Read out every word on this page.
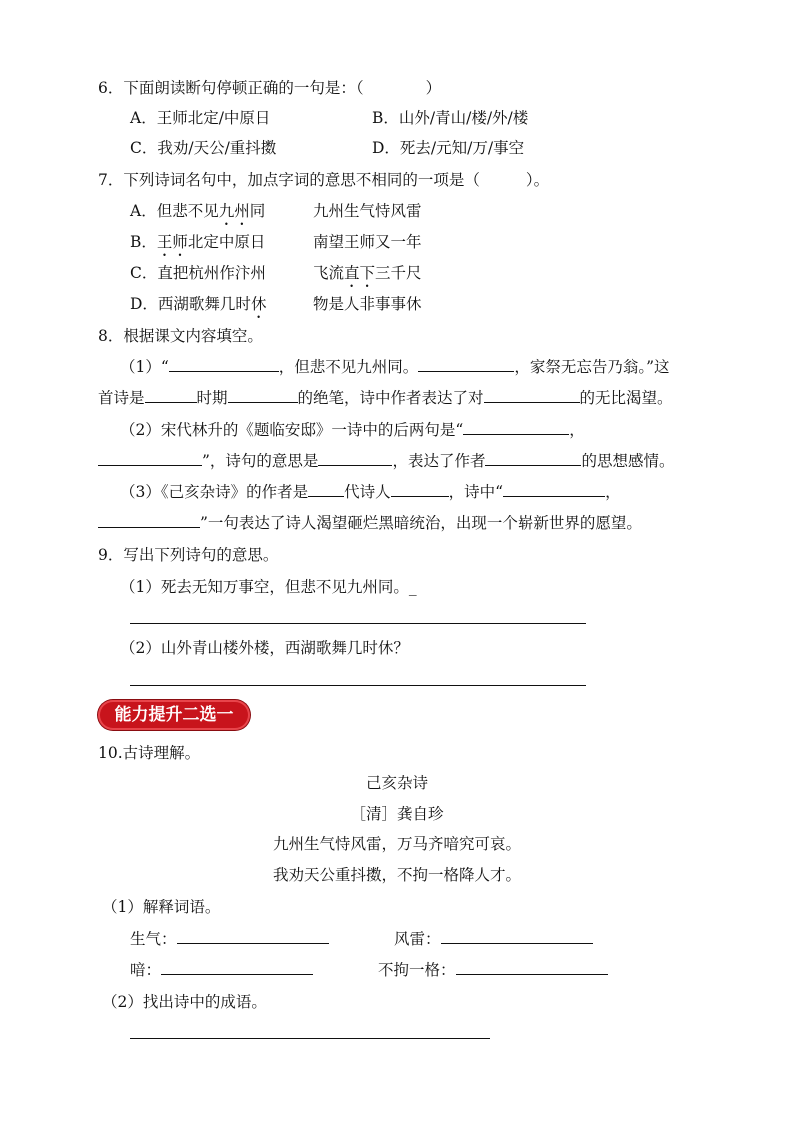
6．下面朗读断句停顿正确的一句是：（	）
A．王师北定/中原日	B．山外/青山/楼/外/楼
C．我劝/天公/重抖擞	D．死去/元知/万/事空
7．下列诗词名句中，加点字词的意思不相同的一项是（	）。
A．但悲不见九州同	九州生气恃风雷
B．王师北定中原日	南望王师又一年
C．直把杭州作汴州	飞流直下三千尺
D．西湖歌舞几时休	物是人非事事休
8．根据课文内容填空。
（1）“	，但悲不见九州同。	，家祭无忘告乃翁。”这
首诗是	时期	的绝笔，诗中作者表达了对	的无比渴望。
（2）宋代林升的《题临安邸》一诗中的后两句是“	，
”，诗句的意思是	，表达了作者	的思想感情。
（3）《己亥杂诗》的作者是 代诗人	，诗中“	，
”一句表达了诗人渴望砸烂黑暗统治，出现一个崭新世界的愿望。
9．写出下列诗句的意思。
（1）死去无知万事空，但悲不见九州同。_
（2）山外青山楼外楼，西湖歌舞几时休？
能力提升二选一
10.古诗理解。
己亥杂诗
［清］龚自珍
九州生气恃风雷，万马齐喑究可哀。
我劝天公重抖擞，不拘一格降人才。
（1）解释词语。
生气：	风雷：
喑：	不拘一格：
（2）找出诗中的成语。
